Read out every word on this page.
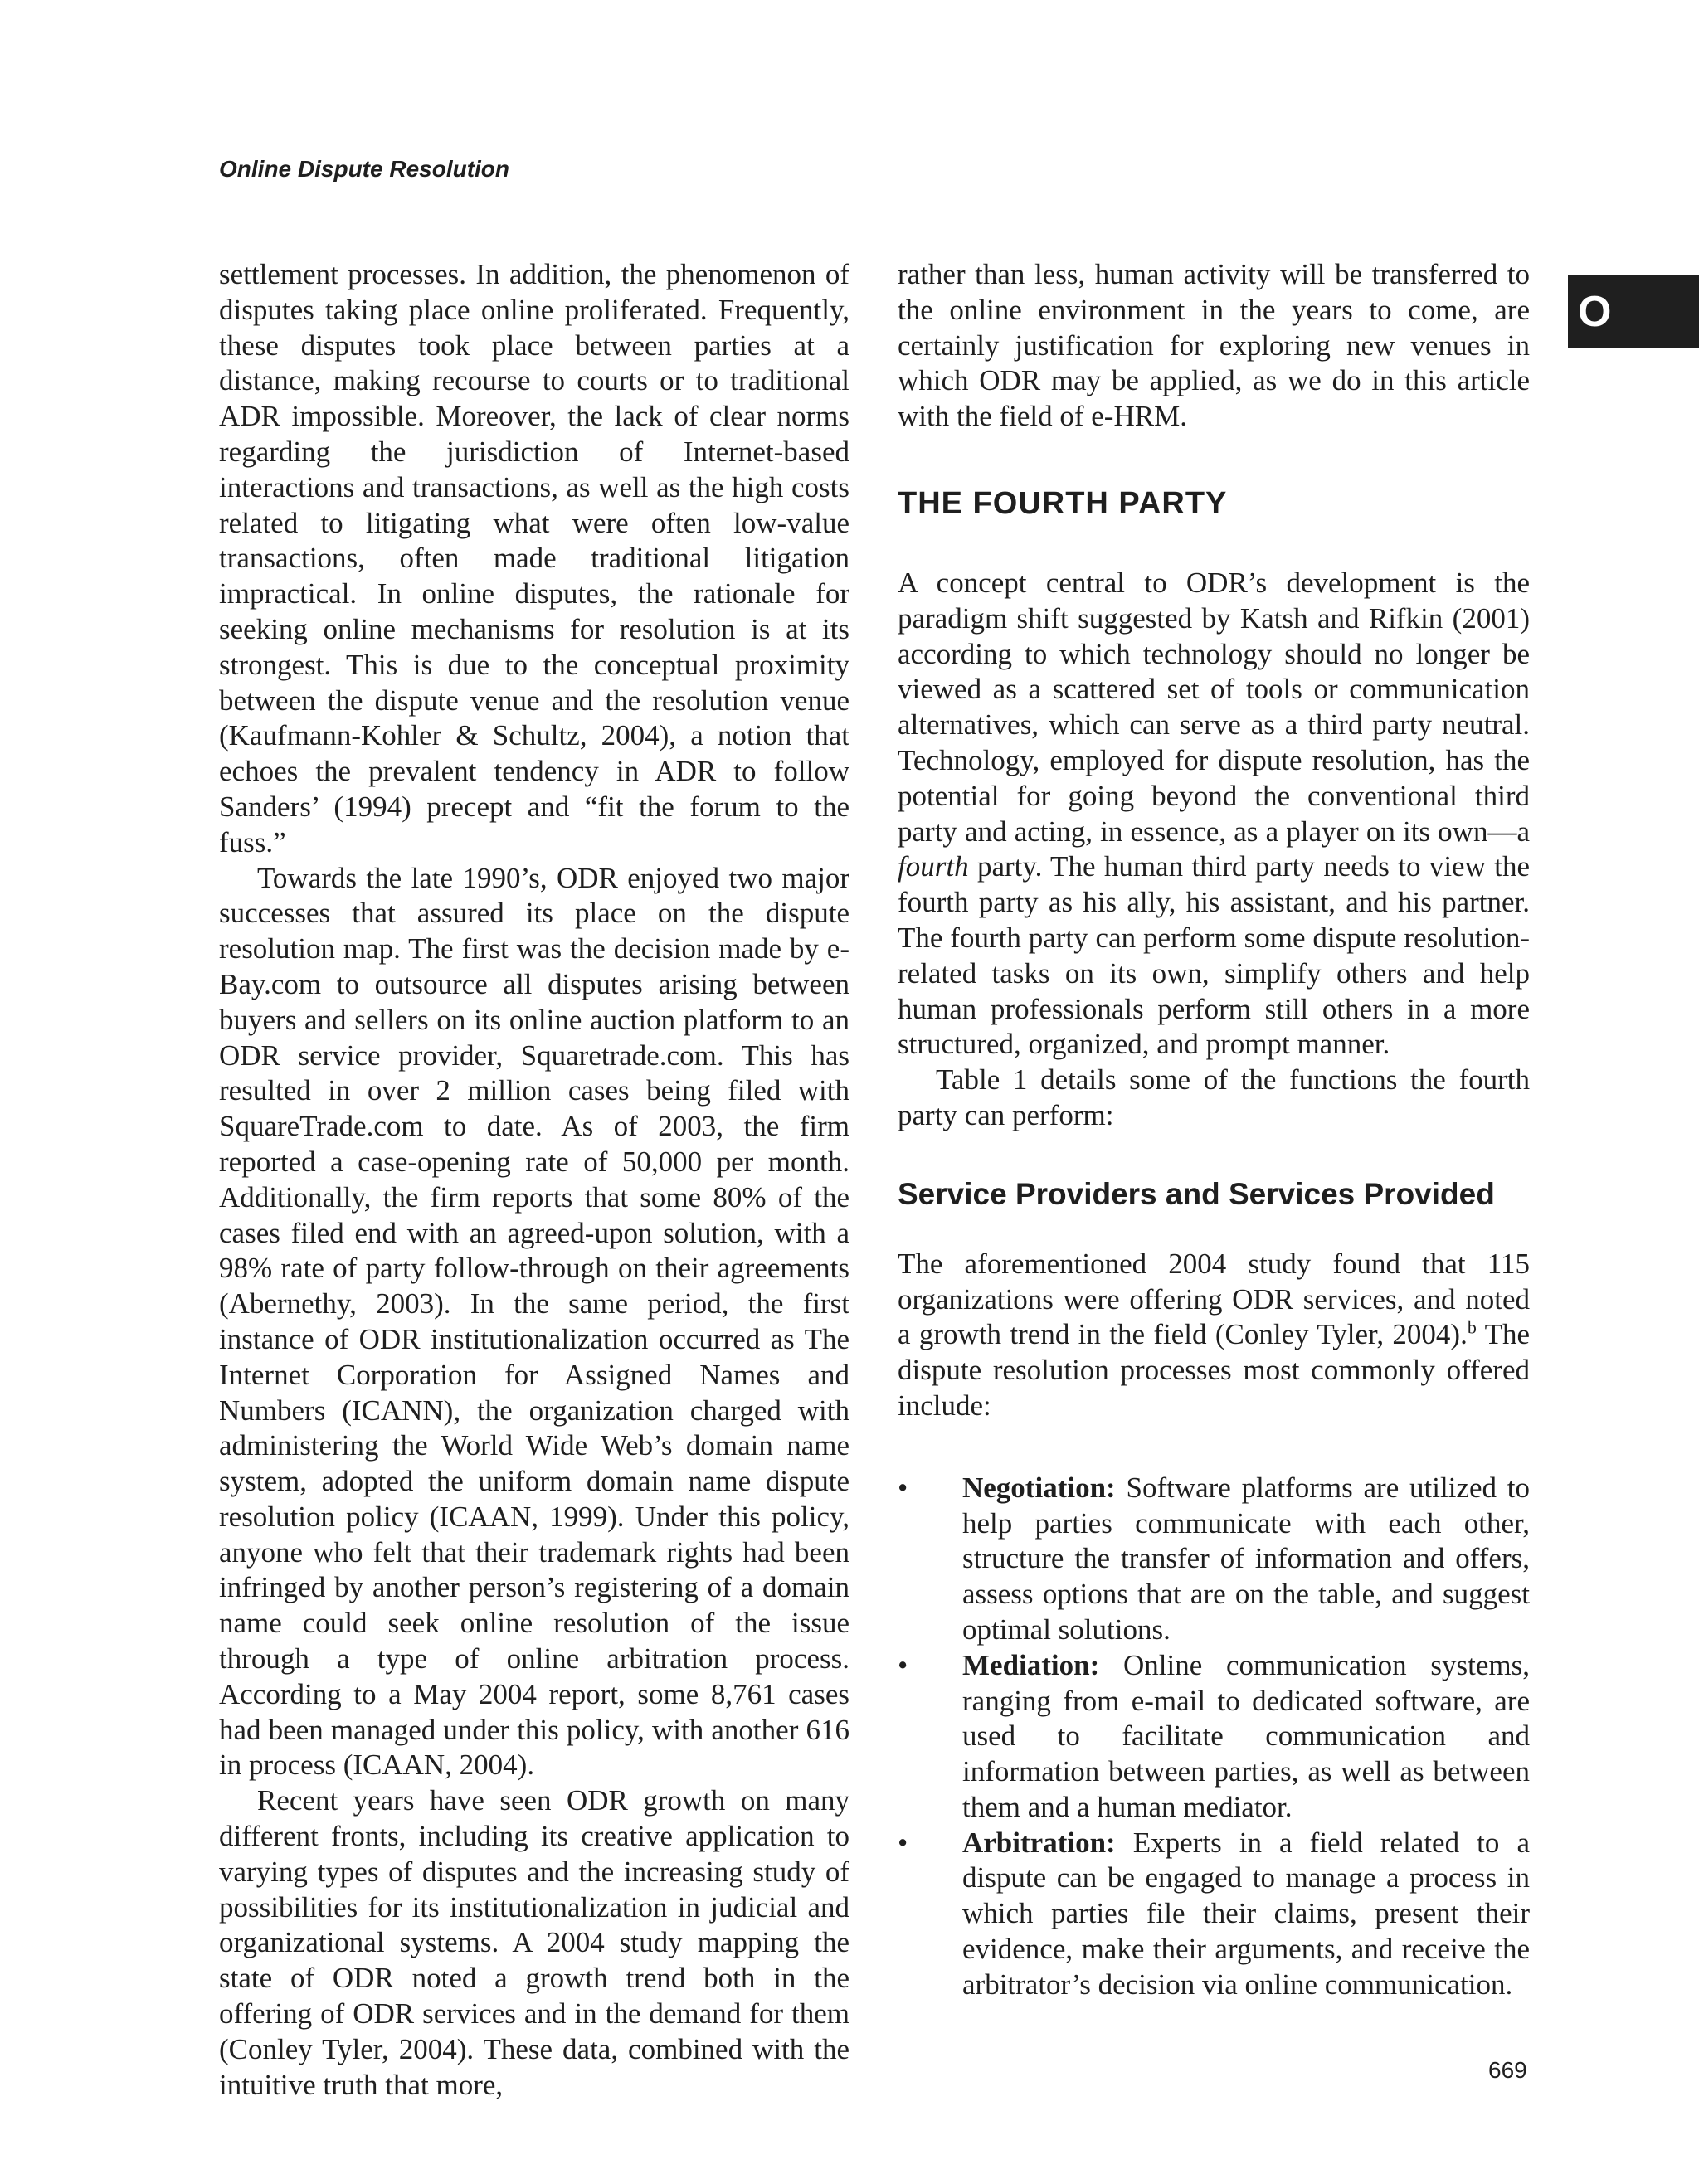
Online Dispute Resolution
O

settlement processes. In addition, the phenomenon of disputes taking place online proliferated. Frequently, these disputes took place between parties at a distance, making recourse to courts or to traditional ADR impossible. Moreover, the lack of clear norms regarding the jurisdiction of Internet-based interactions and transactions, as well as the high costs related to litigating what were often low-value transactions, often made traditional litigation impractical. In online disputes, the rationale for seeking online mechanisms for resolution is at its strongest. This is due to the conceptual proximity between the dispute venue and the resolution venue (Kaufmann-Kohler & Schultz, 2004), a notion that echoes the prevalent tendency in ADR to follow Sanders’ (1994) precept and “fit the forum to the fuss.”

Towards the late 1990’s, ODR enjoyed two major successes that assured its place on the dispute resolution map. The first was the decision made by e-Bay.com to outsource all disputes arising between buyers and sellers on its online auction platform to an ODR service provider, Squaretrade.com. This has resulted in over 2 million cases being filed with SquareTrade.com to date. As of 2003, the firm reported a case-opening rate of 50,000 per month. Additionally, the firm reports that some 80% of the cases filed end with an agreed-upon solution, with a 98% rate of party follow-through on their agreements (Abernethy, 2003). In the same period, the first instance of ODR institutionalization occurred as The Internet Corporation for Assigned Names and Numbers (ICANN), the organization charged with administering the World Wide Web’s domain name system, adopted the uniform domain name dispute resolution policy (ICAAN, 1999). Under this policy, anyone who felt that their trademark rights had been infringed by another person’s registering of a domain name could seek online resolution of the issue through a type of online arbitration process. According to a May 2004 report, some 8,761 cases had been managed under this policy, with another 616 in process (ICAAN, 2004).

Recent years have seen ODR growth on many different fronts, including its creative application to varying types of disputes and the increasing study of possibilities for its institutionalization in judicial and organizational systems. A 2004 study mapping the state of ODR noted a growth trend both in the offering of ODR services and in the demand for them (Conley Tyler, 2004). These data, combined with the intuitive truth that more,

rather than less, human activity will be transferred to the online environment in the years to come, are certainly justification for exploring new venues in which ODR may be applied, as we do in this article with the field of e-HRM.

THE FOURTH PARTY

A concept central to ODR’s development is the paradigm shift suggested by Katsh and Rifkin (2001) according to which technology should no longer be viewed as a scattered set of tools or communication alternatives, which can serve as a third party neutral. Technology, employed for dispute resolution, has the potential for going beyond the conventional third party and acting, in essence, as a player on its own—a fourth party. The human third party needs to view the fourth party as his ally, his assistant, and his partner. The fourth party can perform some dispute resolution-related tasks on its own, simplify others and help human professionals perform still others in a more structured, organized, and prompt manner.

Table 1 details some of the functions the fourth party can perform:

Service Providers and Services Provided

The aforementioned 2004 study found that 115 organizations were offering ODR services, and noted a growth trend in the field (Conley Tyler, 2004).$^b$ The dispute resolution processes most commonly offered include:

• Negotiation: Software platforms are utilized to help parties communicate with each other, structure the transfer of information and offers, assess options that are on the table, and suggest optimal solutions.
• Mediation: Online communication systems, ranging from e-mail to dedicated software, are used to facilitate communication and information between parties, as well as between them and a human mediator.
• Arbitration: Experts in a field related to a dispute can be engaged to manage a process in which parties file their claims, present their evidence, make their arguments, and receive the arbitrator’s decision via online communication.
669
